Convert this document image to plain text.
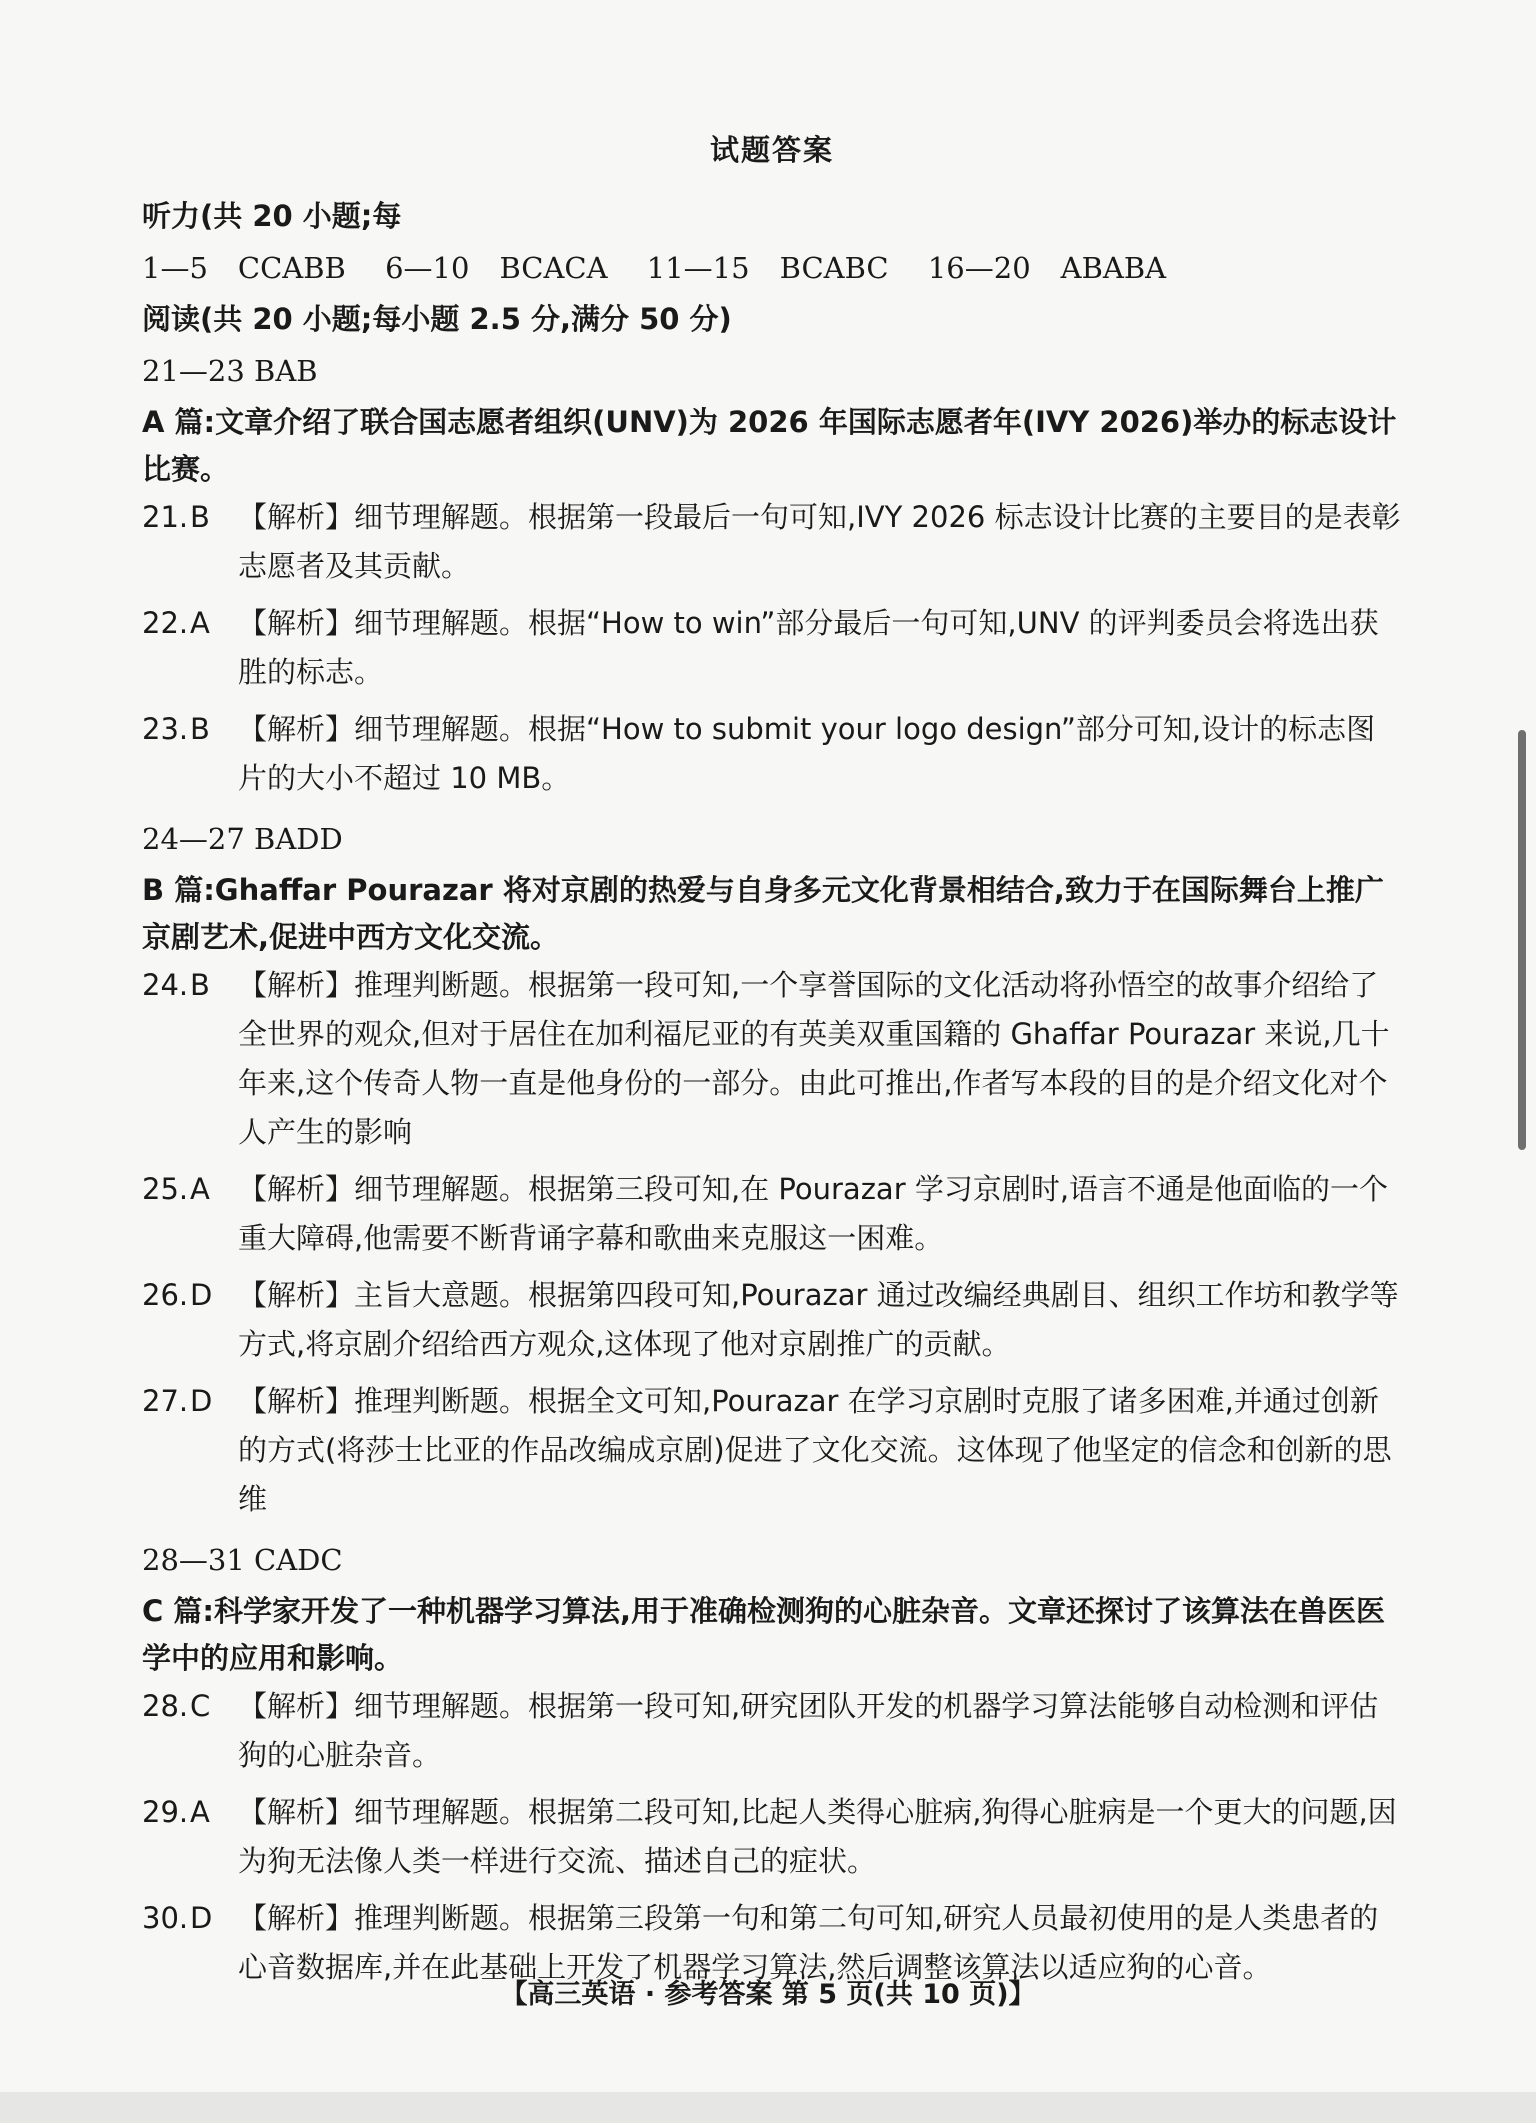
试题答案

听力(共 20 小题;每

1—5 CCABB 6—10 BCACA 11—15 BCABC 16—20 ABABA

阅读(共 20 小题;每小题 2.5 分,满分 50 分)

21—23 BAB

A 篇:文章介绍了联合国志愿者组织(UNV)为 2026 年国际志愿者年(IVY 2026)举办的标志设计比赛。

21. B 【解析】细节理解题。根据第一段最后一句可知,IVY 2026 标志设计比赛的主要目的是表彰志愿者及其贡献。
22. A 【解析】细节理解题。根据“How to win”部分最后一句可知,UNV 的评判委员会将选出获胜的标志。
23. B 【解析】细节理解题。根据“How to submit your logo design”部分可知,设计的标志图片的大小不超过 10 MB。

24—27 BADD

B 篇:Ghaffar Pourazar 将对京剧的热爱与自身多元文化背景相结合,致力于在国际舞台上推广京剧艺术,促进中西方文化交流。

24. B 【解析】推理判断题。根据第一段可知,一个享誉国际的文化活动将孙悟空的故事介绍给了全世界的观众,但对于居住在加利福尼亚的有英美双重国籍的 Ghaffar Pourazar 来说,几十年来,这个传奇人物一直是他身份的一部分。由此可推出,作者写本段的目的是介绍文化对个人产生的影响
25. A 【解析】细节理解题。根据第三段可知,在 Pourazar 学习京剧时,语言不通是他面临的一个重大障碍,他需要不断背诵字幕和歌曲来克服这一困难。
26. D 【解析】主旨大意题。根据第四段可知,Pourazar 通过改编经典剧目、组织工作坊和教学等方式,将京剧介绍给西方观众,这体现了他对京剧推广的贡献。
27. D 【解析】推理判断题。根据全文可知,Pourazar 在学习京剧时克服了诸多困难,并通过创新的方式(将莎士比亚的作品改编成京剧)促进了文化交流。这体现了他坚定的信念和创新的思维

28—31 CADC

C 篇:科学家开发了一种机器学习算法,用于准确检测狗的心脏杂音。文章还探讨了该算法在兽医医学中的应用和影响。

28. C 【解析】细节理解题。根据第一段可知,研究团队开发的机器学习算法能够自动检测和评估狗的心脏杂音。
29. A 【解析】细节理解题。根据第二段可知,比起人类得心脏病,狗得心脏病是一个更大的问题,因为狗无法像人类一样进行交流、描述自己的症状。
30. D 【解析】推理判断题。根据第三段第一句和第二句可知,研究人员最初使用的是人类患者的心音数据库,并在此基础上开发了机器学习算法,然后调整该算法以适应狗的心音。
【高三英语 · 参考答案 第 5 页(共 10 页)】
